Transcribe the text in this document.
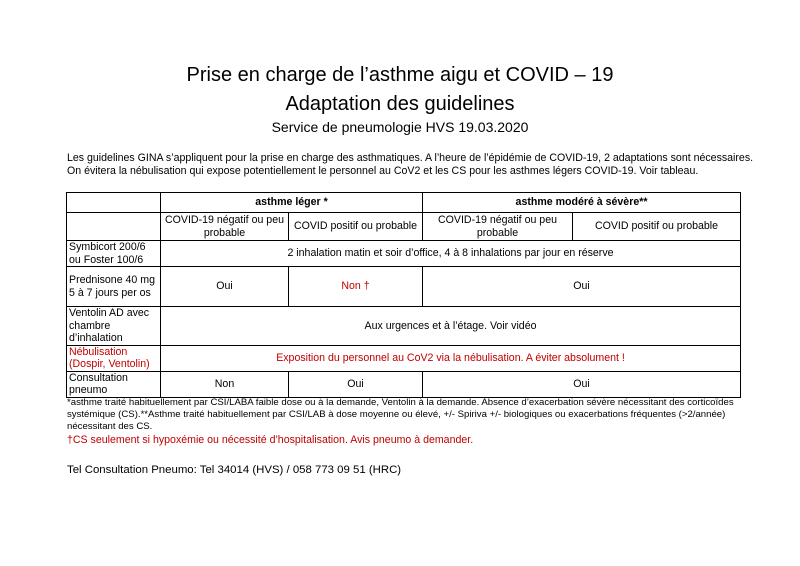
Prise en charge de l’asthme aigu et COVID – 19
Adaptation des guidelines
Service de pneumologie HVS 19.03.2020
Les guidelines GINA s’appliquent pour la prise en charge des asthmatiques. A l’heure de l’épidémie de COVID-19, 2 adaptations sont nécessaires.
On évitera la nébulisation qui expose potentiellement le personnel au CoV2 et les CS pour les asthmes légers COVID-19. Voir tableau.
	asthme léger *		asthme modéré à sévère**	
	COVID-19 négatif ou peu probable	COVID positif ou probable	COVID-19 négatif ou peu probable	COVID positif ou probable
Symbicort 200/6 ou Foster 100/6	2 inhalation matin et soir d’office, 4 à 8 inhalations par jour en réserve			
Prednisone 40 mg 5 à 7 jours per os	Oui	Non †	Oui	
Ventolin AD avec chambre d’inhalation	Aux urgences et à l’étage. Voir vidéo			
Nébulisation (Dospir, Ventolin)	Exposition du personnel au CoV2 via la nébulisation. A éviter absolument !			
Consultation pneumo	Non	Oui	Oui	
*asthme traité habituellement par CSI/LABA faible dose ou à la demande, Ventolin à la demande. Absence d’exacerbation sévère nécessitant des corticoïdes systémique (CS).**Asthme traité habituellement par CSI/LAB à dose moyenne ou élevé, +/- Spiriva +/- biologiques ou exacerbations fréquentes (>2/année) nécessitant des CS.
†CS seulement si hypoxémie ou nécessité d’hospitalisation. Avis pneumo à demander.
Tel Consultation Pneumo: Tel 34014 (HVS) / 058 773 09 51 (HRC)
